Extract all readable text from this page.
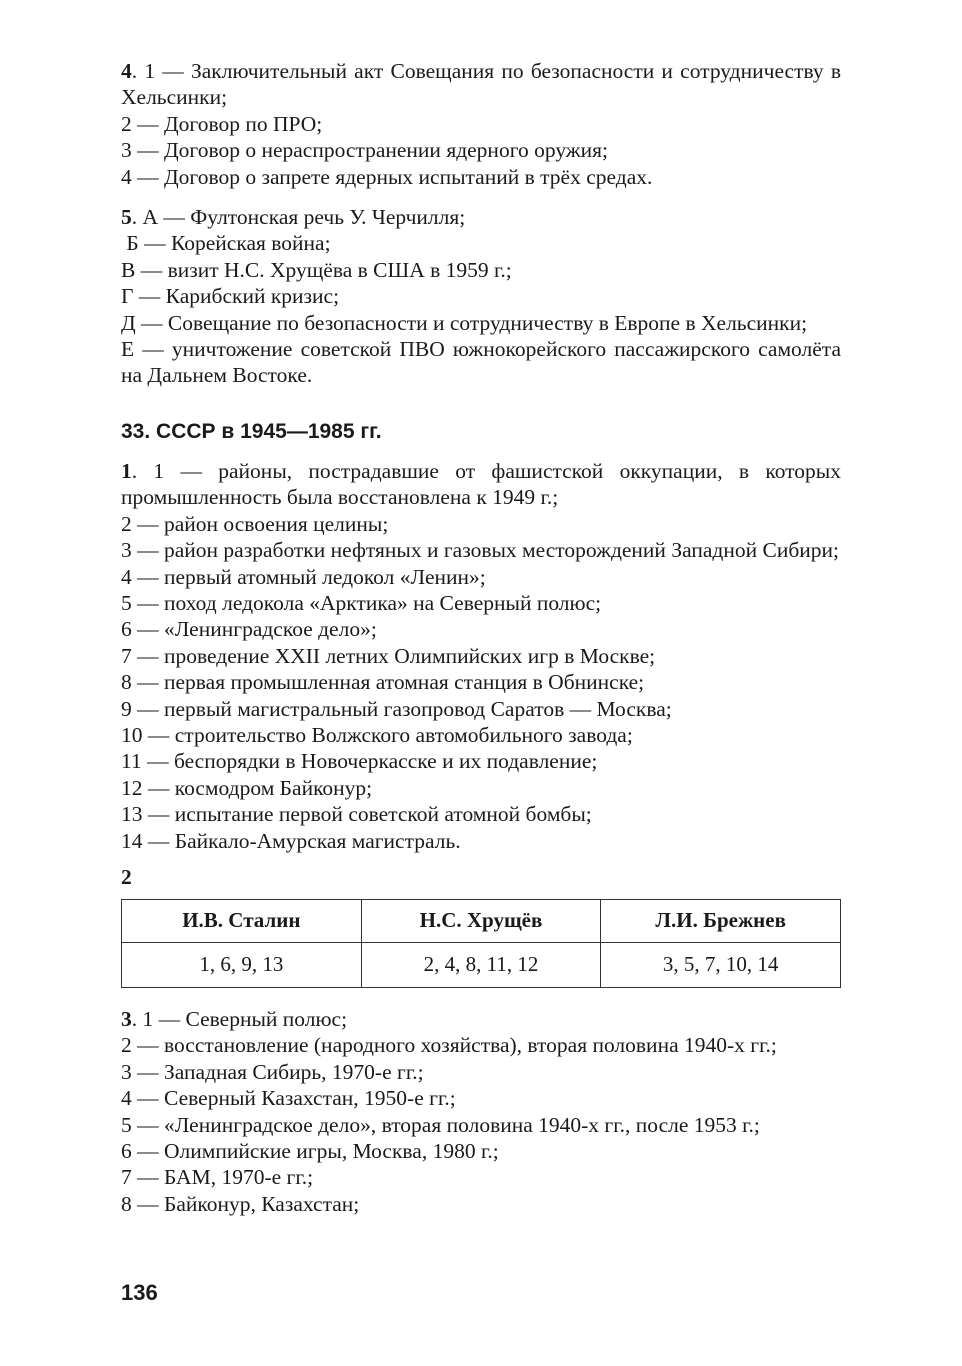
4. 1 — Заключительный акт Совещания по безопасности и сотрудничеству в Хельсинки;

2 — Договор по ПРО;

3 — Договор о нераспространении ядерного оружия;

4 — Договор о запрете ядерных испытаний в трёх средах.

5. А — Фултонская речь У. Черчилля;

Б — Корейская война;

В — визит Н.С. Хрущёва в США в 1959 г.;

Г — Карибский кризис;

Д — Совещание по безопасности и сотрудничеству в Европе в Хельсинки;

Е — уничтожение советской ПВО южнокорейского пассажирского самолёта на Дальнем Востоке.

33. СССР в 1945—1985 гг.

1. 1 — районы, пострадавшие от фашистской оккупации, в которых промышленность была восстановлена к 1949 г.;

2 — район освоения целины;

3 — район разработки нефтяных и газовых месторождений Западной Сибири;

4 — первый атомный ледокол «Ленин»;

5 — поход ледокола «Арктика» на Северный полюс;

6 — «Ленинградское дело»;

7 — проведение XXII летних Олимпийских игр в Москве;

8 — первая промышленная атомная станция в Обнинске;

9 — первый магистральный газопровод Саратов — Москва;

10 — строительство Волжского автомобильного завода;

11 — беспорядки в Новочеркасске и их подавление;

12 — космодром Байконур;

13 — испытание первой советской атомной бомбы;

14 — Байкало-Амурская магистраль.

2
И.В. Сталин	Н.С. Хрущёв	Л.И. Брежнев
1, 6, 9, 13	2, 4, 8, 11, 12	3, 5, 7, 10, 14

3. 1 — Северный полюс;

2 — восстановление (народного хозяйства), вторая половина 1940-х гг.;

3 — Западная Сибирь, 1970-е гг.;

4 — Северный Казахстан, 1950-е гг.;

5 — «Ленинградское дело», вторая половина 1940-х гг., после 1953 г.;

6 — Олимпийские игры, Москва, 1980 г.;

7 — БАМ, 1970-е гг.;

8 — Байконур, Казахстан;

136
